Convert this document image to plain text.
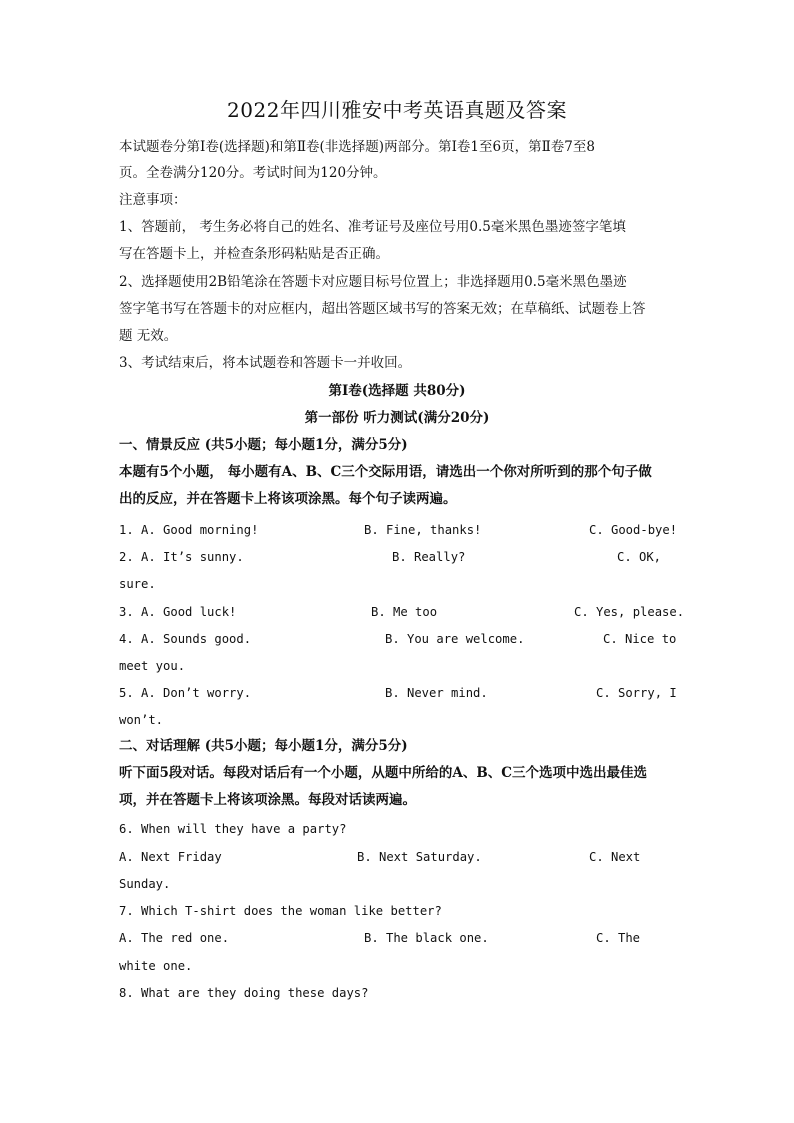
2022年四川雅安中考英语真题及答案
本试题卷分第Ⅰ卷(选择题)和第Ⅱ卷(非选择题)两部分。第Ⅰ卷1至6页，第Ⅱ卷7至8
页。全卷满分120分。考试时间为120分钟。
注意事项：
1、答题前， 考生务必将自己的姓名、准考证号及座位号用0.5毫米黑色墨迹签字笔填
写在答题卡上，并检查条形码粘贴是否正确。
2、选择题使用2B铅笔涂在答题卡对应题目标号位置上；非选择题用0.5毫米黑色墨迹
签字笔书写在答题卡的对应框内，超出答题区域书写的答案无效；在草稿纸、试题卷上答
题 无效。
3、考试结束后，将本试题卷和答题卡一并收回。
第Ⅰ卷(选择题 共80分)
第一部份 听力测试(满分20分)
一、情景反应 (共5小题；每小题1分，满分5分)
本题有5个小题， 每小题有A、B、C三个交际用语，请选出一个你对所听到的那个句子做
出的反应，并在答题卡上将该项涂黑。每个句子读两遍。
1. A. Good morning!	B. Fine, thanks!	C. Good-bye!
2. A. It’s sunny.	B. Really?	C. OK,
sure.
3. A. Good luck!	B. Me too	C. Yes, please.
4. A. Sounds good.	B. You are welcome.	C. Nice to
meet you.
5. A. Don’t worry.	B. Never mind.	C. Sorry, I
won’t.
二、对话理解 (共5小题；每小题1分，满分5分)
听下面5段对话。每段对话后有一个小题，从题中所给的A、B、C三个选项中选出最佳选
项，并在答题卡上将该项涂黑。每段对话读两遍。
6. When will they have a party?
A. Next Friday	B. Next Saturday.	C. Next
Sunday.
7. Which T-shirt does the woman like better?
A. The red one.	B. The black one.	C. The
white one.
8. What are they doing these days?
